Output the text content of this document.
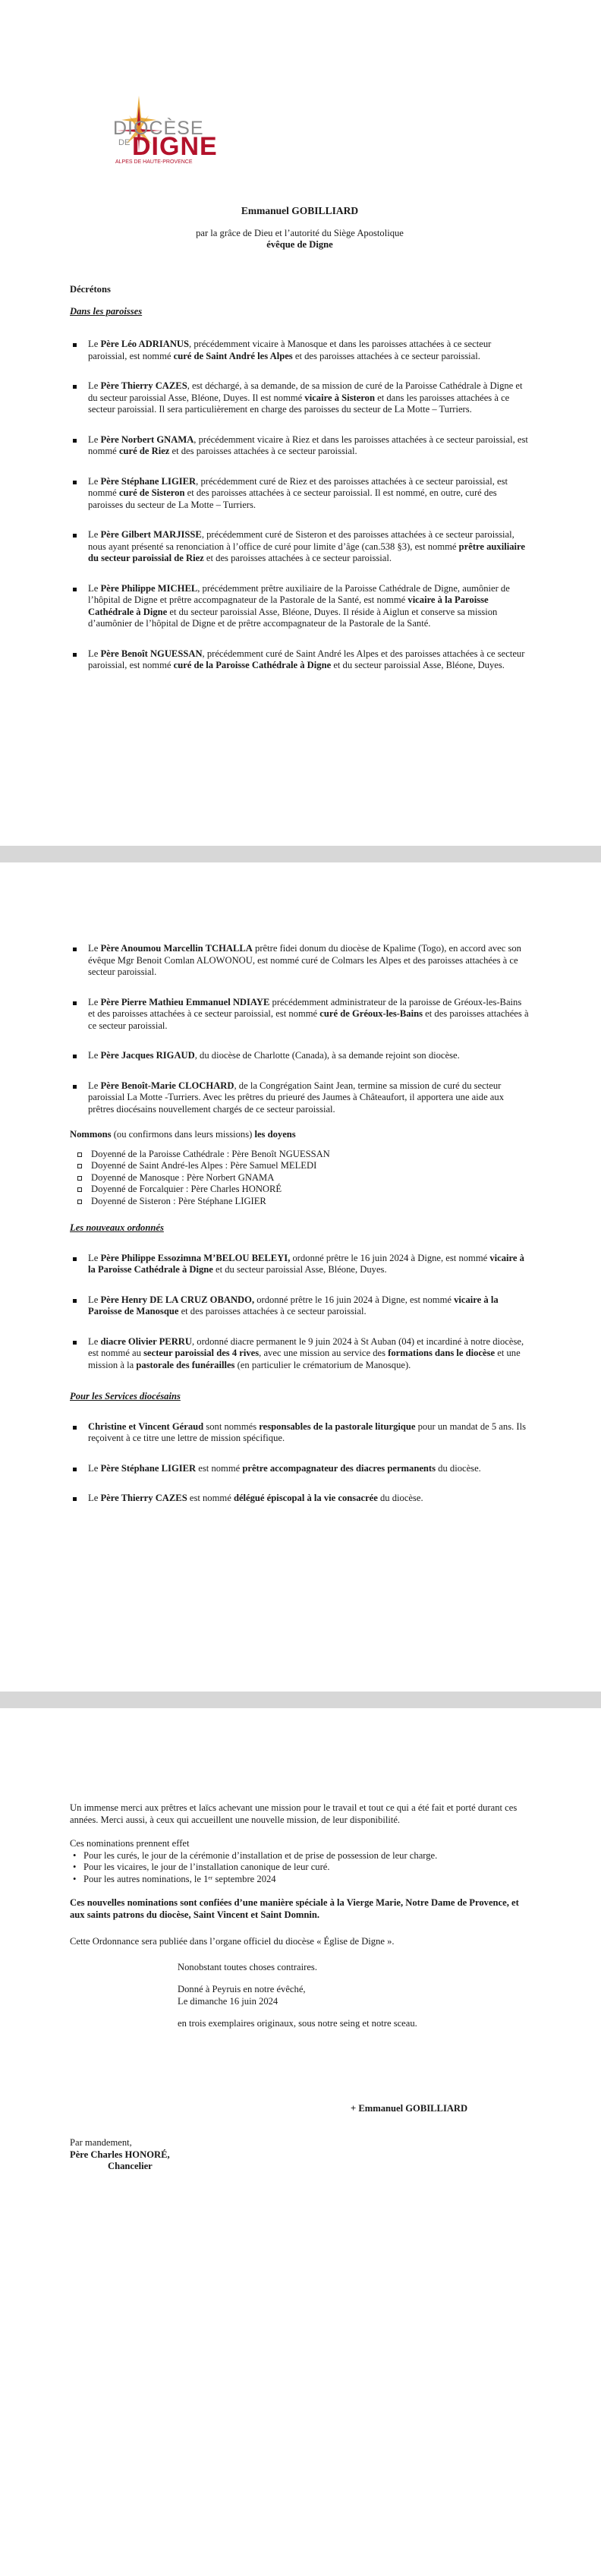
DIOCÈSE
DE DIGNE
ALPES DE HAUTE-PROVENCE

Emmanuel GOBILLIARD

par la grâce de Dieu et l’autorité du Siège Apostolique

évêque de Digne

Décrétons

Dans les paroisses

Le Père Léo ADRIANUS, précédemment vicaire à Manosque et dans les paroisses attachées à ce secteur paroissial, est nommé curé de Saint André les Alpes et des paroisses attachées à ce secteur paroissial.
Le Père Thierry CAZES, est déchargé, à sa demande, de sa mission de curé de la Paroisse Cathédrale à Digne et du secteur paroissial Asse, Bléone, Duyes. Il est nommé vicaire à Sisteron et dans les paroisses attachées à ce secteur paroissial. Il sera particulièrement en charge des paroisses du secteur de La Motte – Turriers.
Le Père Norbert GNAMA, précédemment vicaire à Riez et dans les paroisses attachées à ce secteur paroissial, est nommé curé de Riez et des paroisses attachées à ce secteur paroissial.
Le Père Stéphane LIGIER, précédemment curé de Riez et des paroisses attachées à ce secteur paroissial, est nommé curé de Sisteron et des paroisses attachées à ce secteur paroissial. Il est nommé, en outre, curé des paroisses du secteur de La Motte – Turriers.
Le Père Gilbert MARJISSE, précédemment curé de Sisteron et des paroisses attachées à ce secteur paroissial, nous ayant présenté sa renonciation à l’office de curé pour limite d’âge (can.538 §3), est nommé prêtre auxiliaire du secteur paroissial de Riez et des paroisses attachées à ce secteur paroissial.
Le Père Philippe MICHEL, précédemment prêtre auxiliaire de la Paroisse Cathédrale de Digne, aumônier de l’hôpital de Digne et prêtre accompagnateur de la Pastorale de la Santé, est nommé vicaire à la Paroisse Cathédrale à Digne et du secteur paroissial Asse, Bléone, Duyes. Il réside à Aiglun et conserve sa mission d’aumônier de l’hôpital de Digne et de prêtre accompagnateur de la Pastorale de la Santé.
Le Père Benoît NGUESSAN, précédemment curé de Saint André les Alpes et des paroisses attachées à ce secteur paroissial, est nommé curé de la Paroisse Cathédrale à Digne et du secteur paroissial Asse, Bléone, Duyes.
Le Père Anoumou Marcellin TCHALLA prêtre fidei donum du diocèse de Kpalime (Togo), en accord avec son évêque Mgr Benoit Comlan ALOWONOU, est nommé curé de Colmars les Alpes et des paroisses attachées à ce secteur paroissial.
Le Père Pierre Mathieu Emmanuel NDIAYE précédemment administrateur de la paroisse de Gréoux-les-Bains et des paroisses attachées à ce secteur paroissial, est nommé curé de Gréoux-les-Bains et des paroisses attachées à ce secteur paroissial.
Le Père Jacques RIGAUD, du diocèse de Charlotte (Canada), à sa demande rejoint son diocèse.
Le Père Benoît-Marie CLOCHARD, de la Congrégation Saint Jean, termine sa mission de curé du secteur paroissial La Motte -Turriers. Avec les prêtres du prieuré des Jaumes à Châteaufort, il apportera une aide aux prêtres diocésains nouvellement chargés de ce secteur paroissial.

Nommons (ou confirmons dans leurs missions) les doyens

Doyenné de la Paroisse Cathédrale : Père Benoît NGUESSAN
Doyenné de Saint André-les Alpes : Père Samuel MELEDI
Doyenné de Manosque : Père Norbert GNAMA
Doyenné de Forcalquier : Père Charles HONORÉ
Doyenné de Sisteron : Père Stéphane LIGIER

Les nouveaux ordonnés

Le Père Philippe Essozimna M’BELOU BELEYI, ordonné prêtre le 16 juin 2024 à Digne, est nommé vicaire à la Paroisse Cathédrale à Digne et du secteur paroissial Asse, Bléone, Duyes.
Le Père Henry DE LA CRUZ OBANDO, ordonné prêtre le 16 juin 2024 à Digne, est nommé vicaire à la Paroisse de Manosque et des paroisses attachées à ce secteur paroissial.
Le diacre Olivier PERRU, ordonné diacre permanent le 9 juin 2024 à St Auban (04) et incardiné à notre diocèse, est nommé au secteur paroissial des 4 rives, avec une mission au service des formations dans le diocèse et une mission à la pastorale des funérailles (en particulier le crématorium de Manosque).

Pour les Services diocésains

Christine et Vincent Géraud sont nommés responsables de la pastorale liturgique pour un mandat de 5 ans. Ils reçoivent à ce titre une lettre de mission spécifique.
Le Père Stéphane LIGIER est nommé prêtre accompagnateur des diacres permanents du diocèse.
Le Père Thierry CAZES est nommé délégué épiscopal à la vie consacrée du diocèse.

Un immense merci aux prêtres et laïcs achevant une mission pour le travail et tout ce qui a été fait et porté durant ces années. Merci aussi, à ceux qui accueillent une nouvelle mission, de leur disponibilité.

Ces nominations prennent effet

• Pour les curés, le jour de la cérémonie d’installation et de prise de possession de leur charge.
• Pour les vicaires, le jour de l’installation canonique de leur curé.
• Pour les autres nominations, le 1ᵉʳ septembre 2024

Ces nouvelles nominations sont confiées d’une manière spéciale à la Vierge Marie, Notre Dame de Provence, et aux saints patrons du diocèse, Saint Vincent et Saint Domnin.

Cette Ordonnance sera publiée dans l’organe officiel du diocèse « Église de Digne ».

Nonobstant toutes choses contraires.

Donné à Peyruis en notre évêché,

Le dimanche 16 juin 2024

en trois exemplaires originaux, sous notre seing et notre sceau.

+ Emmanuel GOBILLIARD

Par mandement,

Père Charles HONORÉ,

Chancelier
